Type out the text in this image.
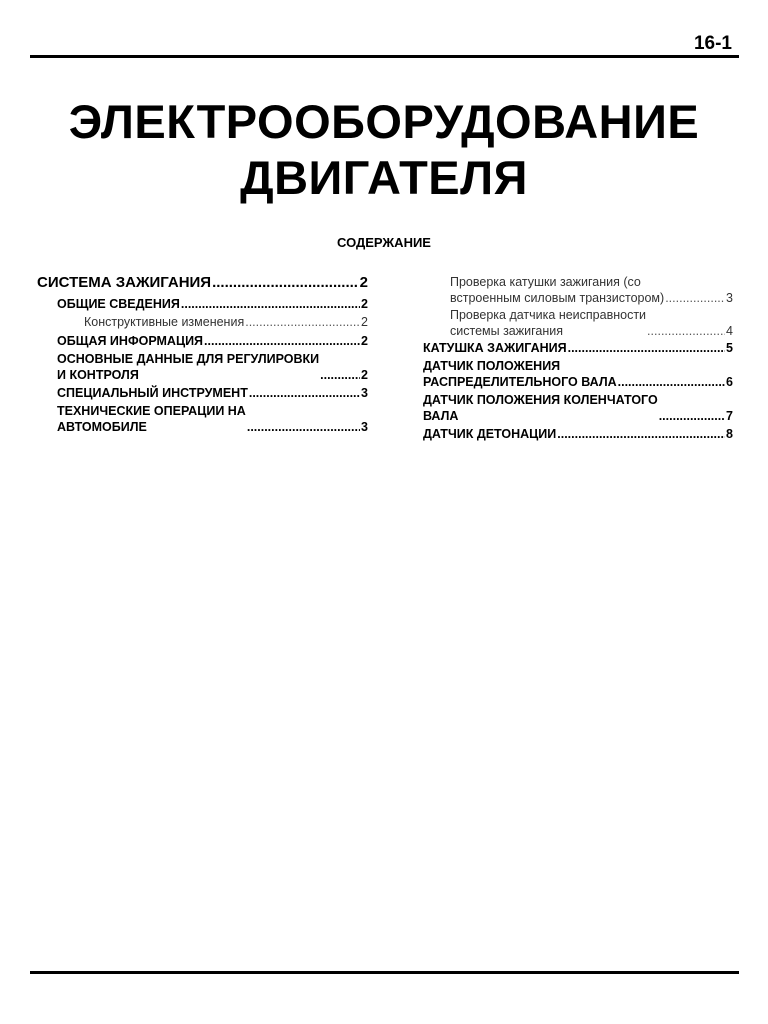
16-1
ЭЛЕКТРООБОРУДОВАНИЕ
ДВИГАТЕЛЯ
СОДЕРЖАНИЕ
СИСТЕМА ЗАЖИГАНИЯ .....	2
ОБЩИЕ СВЕДЕНИЯ .....	2
Конструктивные изменения .....	2
ОБЩАЯ ИНФОРМАЦИЯ .....	2
ОСНОВНЫЕ ДАННЫЕ ДЛЯ РЕГУЛИРОВКИ
И КОНТРОЛЯ .....	2
СПЕЦИАЛЬНЫЙ ИНСТРУМЕНТ .....	3
ТЕХНИЧЕСКИЕ ОПЕРАЦИИ НА
АВТОМОБИЛЕ .....	3
Проверка катушки зажигания (со
встроенным силовым транзистором) .....	3
Проверка датчика неисправности
системы зажигания .....	4
КАТУШКА ЗАЖИГАНИЯ .....	5
ДАТЧИК ПОЛОЖЕНИЯ
РАСПРЕДЕЛИТЕЛЬНОГО ВАЛА .....	6
ДАТЧИК ПОЛОЖЕНИЯ КОЛЕНЧАТОГО
ВАЛА .....	7
ДАТЧИК ДЕТОНАЦИИ .....	8
